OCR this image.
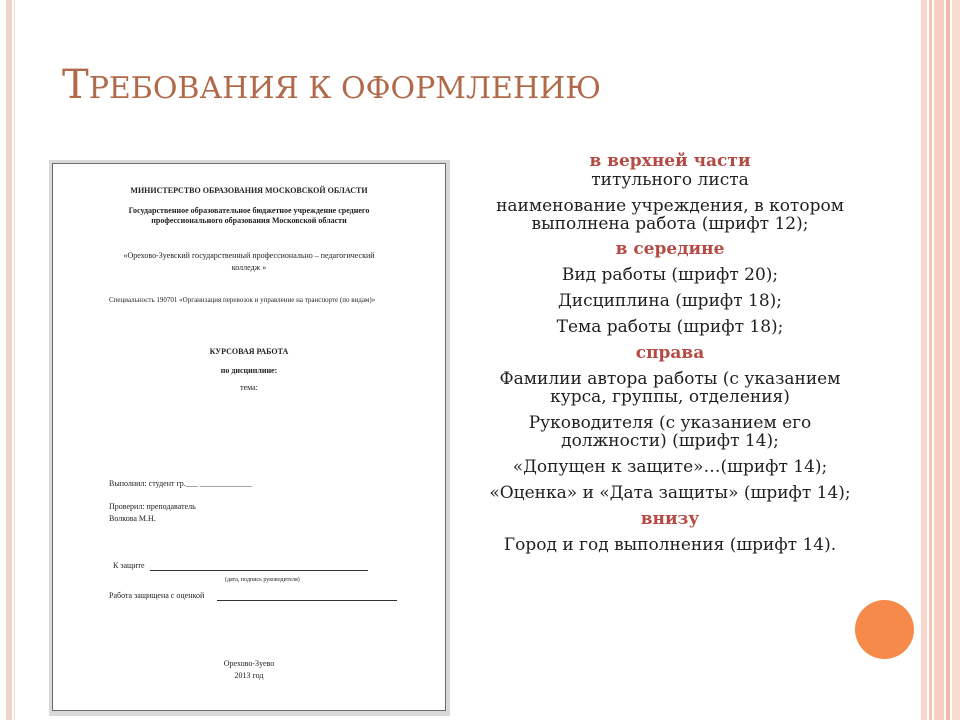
ТРЕБОВАНИЯ К ОФОРМЛЕНИЮ
МИНИСТЕРСТВО ОБРАЗОВАНИЯ МОСКОВСКОЙ ОБЛАСТИ
Государственное образовательное бюджетное учреждение среднего
профессионального образования Московской области
«Орехово-Зуевский государственный профессионально – педагогический
колледж »
Специальность 190701 «Организация перевозок и управление на транспорте (по видам)»
КУРСОВАЯ РАБОТА
по дисциплине:
тема:
Выполнил: студент гр.___ _____________
Проверил: преподаватель
Волкова М.Н.
К защите
(дата, подпись руководителя)
Работа защищена с оценкой
Орехово-Зуево
2013 год
в верхней части
титульного листа
наименование учреждения, в котором
выполнена работа (шрифт 12);
в середине
Вид работы (шрифт 20);
Дисциплина (шрифт 18);
Тема работы (шрифт 18);
справа
Фамилии автора работы (с указанием
курса, группы, отделения)
Руководителя (с указанием его
должности) (шрифт 14);
«Допущен к защите»…(шрифт 14);
«Оценка» и «Дата защиты» (шрифт 14);
внизу
Город и год выполнения (шрифт 14).
